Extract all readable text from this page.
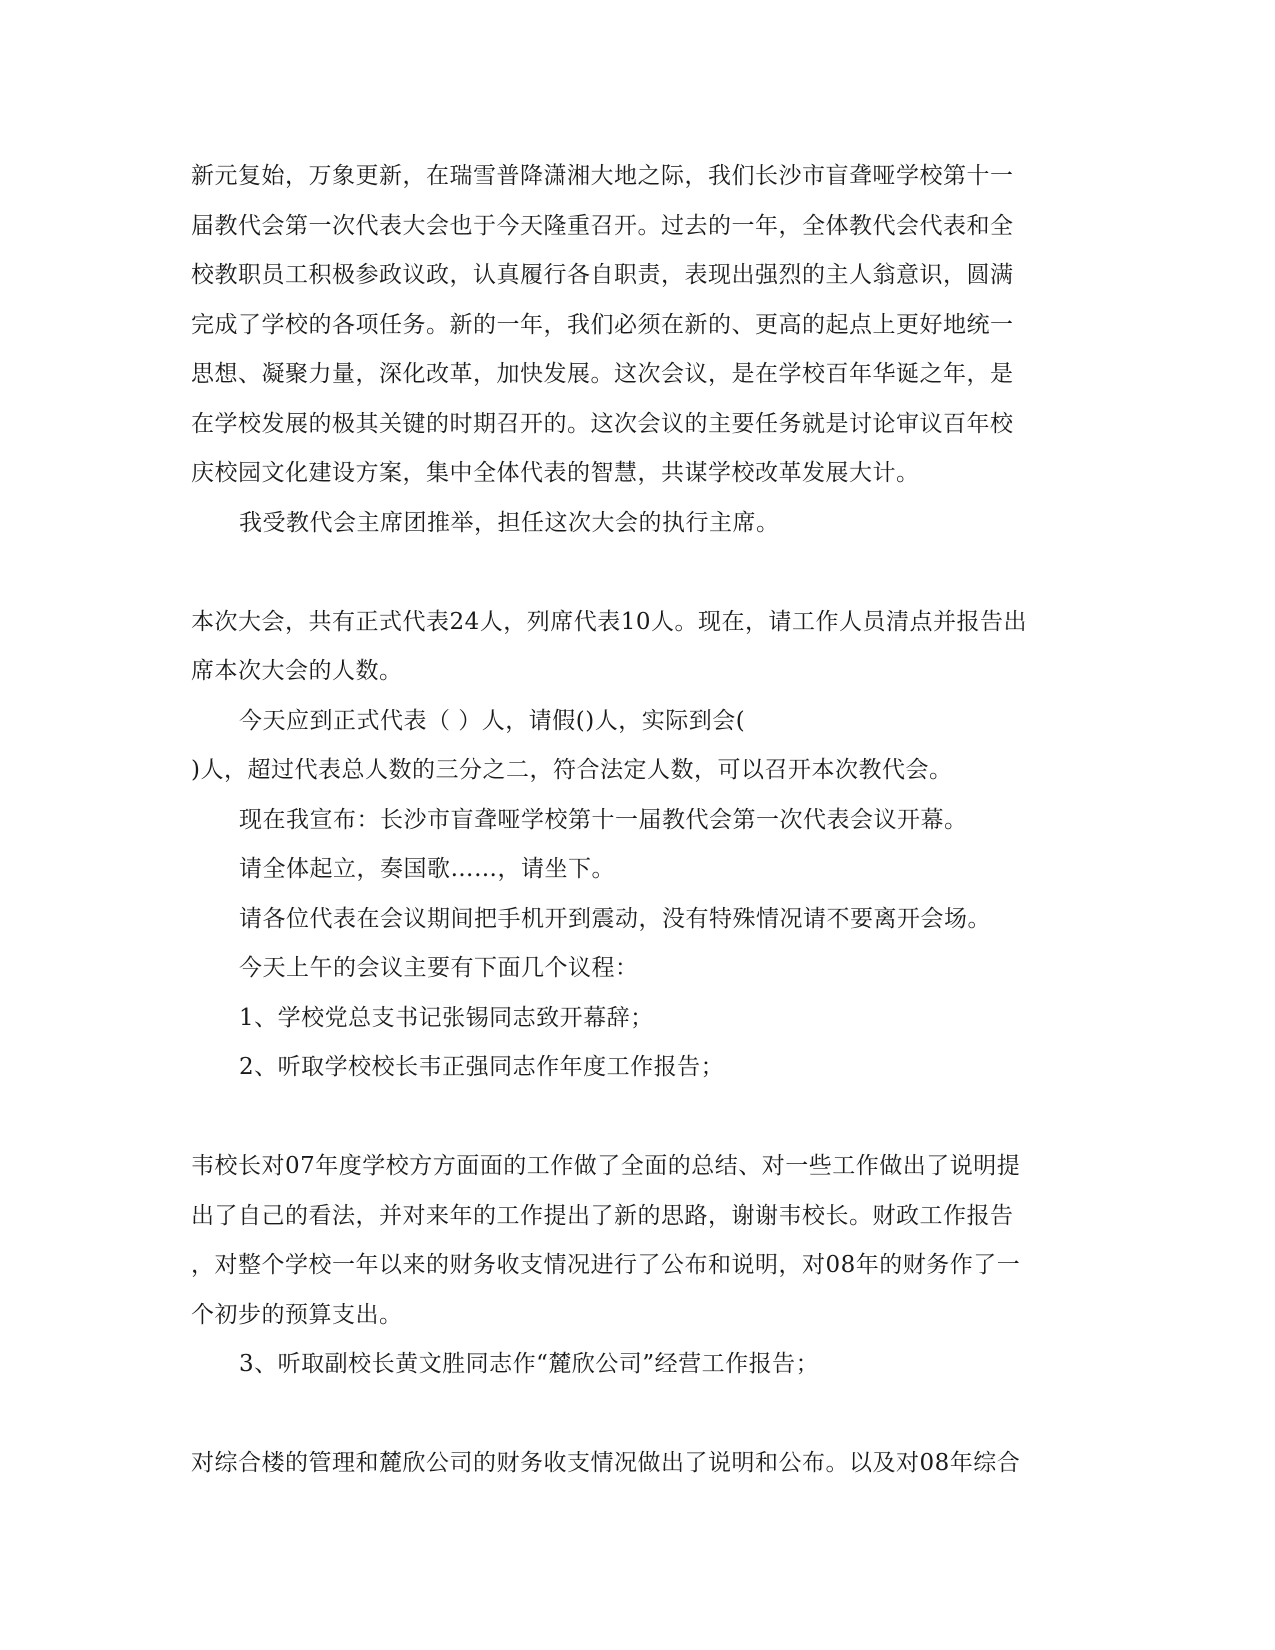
新元复始，万象更新，在瑞雪普降潇湘大地之际，我们长沙市盲聋哑学校第十一
届教代会第一次代表大会也于今天隆重召开。过去的一年，全体教代会代表和全
校教职员工积极参政议政，认真履行各自职责，表现出强烈的主人翁意识，圆满
完成了学校的各项任务。新的一年，我们必须在新的、更高的起点上更好地统一
思想、凝聚力量，深化改革，加快发展。这次会议，是在学校百年华诞之年，是
在学校发展的极其关键的时期召开的。这次会议的主要任务就是讨论审议百年校
庆校园文化建设方案，集中全体代表的智慧，共谋学校改革发展大计。
我受教代会主席团推举，担任这次大会的执行主席。
本次大会，共有正式代表24人，列席代表10人。现在，请工作人员清点并报告出
席本次大会的人数。
今天应到正式代表（ ）人，请假()人，实际到会(
)人，超过代表总人数的三分之二，符合法定人数，可以召开本次教代会。
现在我宣布：长沙市盲聋哑学校第十一届教代会第一次代表会议开幕。
请全体起立，奏国歌……，请坐下。
请各位代表在会议期间把手机开到震动，没有特殊情况请不要离开会场。
今天上午的会议主要有下面几个议程：
1、学校党总支书记张锡同志致开幕辞；
2、听取学校校长韦正强同志作年度工作报告；
韦校长对07年度学校方方面面的工作做了全面的总结、对一些工作做出了说明提
出了自己的看法，并对来年的工作提出了新的思路，谢谢韦校长。财政工作报告
，对整个学校一年以来的财务收支情况进行了公布和说明，对08年的财务作了一
个初步的预算支出。
3、听取副校长黄文胜同志作“麓欣公司”经营工作报告；
对综合楼的管理和麓欣公司的财务收支情况做出了说明和公布。以及对08年综合
